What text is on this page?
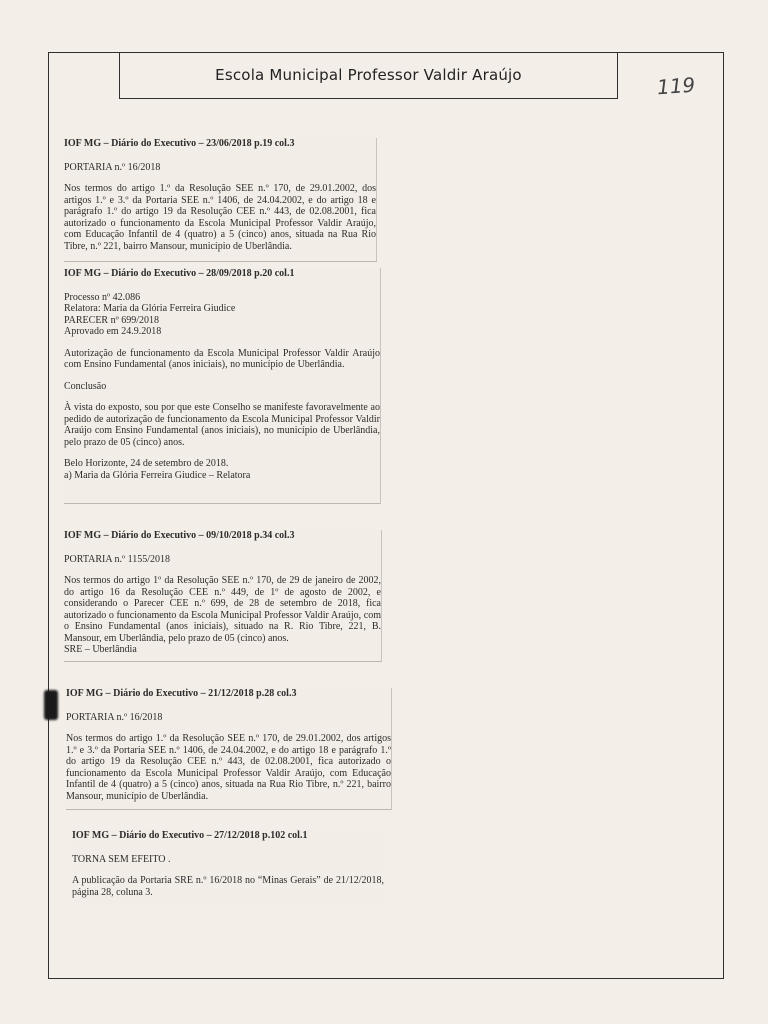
Escola Municipal Professor Valdir Araújo	119
IOF MG – Diário do Executivo – 23/06/2018 p.19 col.3

PORTARIA n.º 16/2018

Nos termos do artigo 1.º da Resolução SEE n.º 170, de 29.01.2002, dos artigos 1.º e 3.º da Portaria SEE n.º 1406, de 24.04.2002, e do artigo 18 e parágrafo 1.º do artigo 19 da Resolução CEE n.º 443, de 02.08.2001, fica autorizado o funcionamento da Escola Municipal Professor Valdir Araújo, com Educação Infantil de 4 (quatro) a 5 (cinco) anos, situada na Rua Rio Tibre, n.º 221, bairro Mansour, município de Uberlândia.

IOF MG – Diário do Executivo – 28/09/2018 p.20 col.1

Processo nº 42.086

Relatora: Maria da Glória Ferreira Giudice

PARECER nº 699/2018

Aprovado em 24.9.2018

Autorização de funcionamento da Escola Municipal Professor Valdir Araújo com Ensino Fundamental (anos iniciais), no município de Uberlândia.

Conclusão

À vista do exposto, sou por que este Conselho se manifeste favoravelmente ao pedido de autorização de funcionamento da Escola Municipal Professor Valdir Araújo com Ensino Fundamental (anos iniciais), no município de Uberlândia, pelo prazo de 05 (cinco) anos.

Belo Horizonte, 24 de setembro de 2018.

a) Maria da Glória Ferreira Giudice – Relatora

IOF MG – Diário do Executivo – 09/10/2018 p.34 col.3

PORTARIA n.º 1155/2018

Nos termos do artigo 1º da Resolução SEE n.º 170, de 29 de janeiro de 2002, do artigo 16 da Resolução CEE n.º 449, de 1º de agosto de 2002, e considerando o Parecer CEE n.º 699, de 28 de setembro de 2018, fica autorizado o funcionamento da Escola Municipal Professor Valdir Araújo, com o Ensino Fundamental (anos iniciais), situado na R. Rio Tibre, 221, B. Mansour, em Uberlândia, pelo prazo de 05 (cinco) anos.

SRE – Uberlândia

IOF MG – Diário do Executivo – 21/12/2018 p.28 col.3

PORTARIA n.º 16/2018

Nos termos do artigo 1.º da Resolução SEE n.º 170, de 29.01.2002, dos artigos 1.º e 3.º da Portaria SEE n.º 1406, de 24.04.2002, e do artigo 18 e parágrafo 1.º do artigo 19 da Resolução CEE n.º 443, de 02.08.2001, fica autorizado o funcionamento da Escola Municipal Professor Valdir Araújo, com Educação Infantil de 4 (quatro) a 5 (cinco) anos, situada na Rua Rio Tibre, n.º 221, bairro Mansour, município de Uberlândia.

IOF MG – Diário do Executivo – 27/12/2018 p.102 col.1

TORNA SEM EFEITO .

A publicação da Portaria SRE n.º 16/2018 no “Minas Gerais” de 21/12/2018, página 28, coluna 3.
